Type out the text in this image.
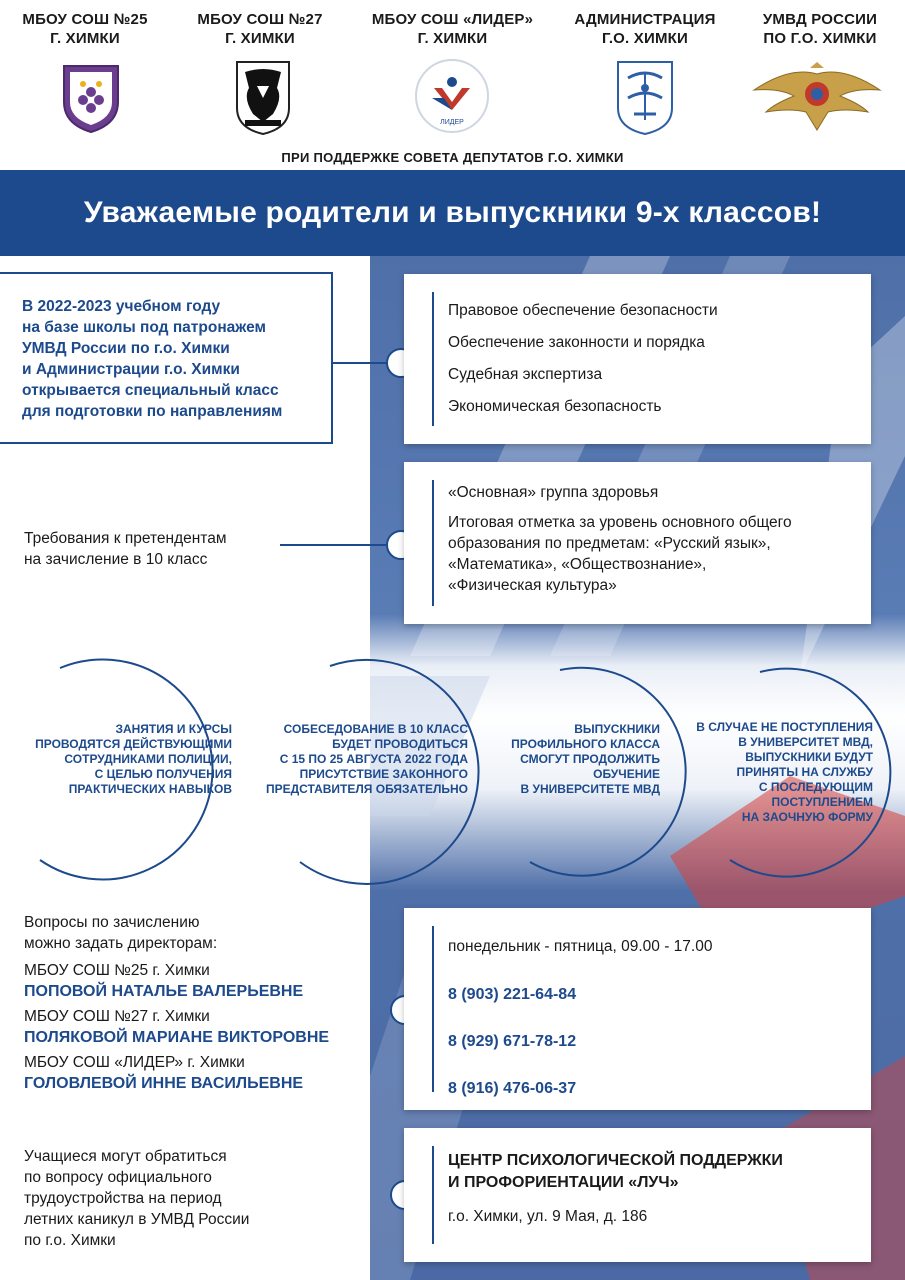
МБОУ СОШ №25
Г. ХИМКИ
МБОУ СОШ №27
Г. ХИМКИ
МБОУ СОШ «ЛИДЕР»
Г. ХИМКИ
АДМИНИСТРАЦИЯ
Г.О. ХИМКИ
УМВД РОССИИ
ПО Г.О. ХИМКИ
ЛИДЕР
ПРИ ПОДДЕРЖКЕ СОВЕТА ДЕПУТАТОВ Г.О. ХИМКИ
Уважаемые родители и выпускники 9-х классов!
В 2022-2023 учебном году
на базе школы под патронажем
УМВД России по г.о. Химки
и Администрации г.о. Химки
открывается специальный класс
для подготовки по направлениям
Правовое обеспечение безопасности
Обеспечение законности и порядка
Судебная экспертиза
Экономическая безопасность
Требования к претендентам
на зачисление в 10 класс
«Основная» группа здоровья
Итоговая отметка за уровень основного общего
образования по предметам: «Русский язык»,
«Математика», «Обществознание»,
«Физическая культура»
ЗАНЯТИЯ И КУРСЫ
ПРОВОДЯТСЯ ДЕЙСТВУЮЩИМИ
СОТРУДНИКАМИ ПОЛИЦИИ,
С ЦЕЛЬЮ ПОЛУЧЕНИЯ
ПРАКТИЧЕСКИХ НАВЫКОВ
СОБЕСЕДОВАНИЕ В 10 КЛАСС
БУДЕТ ПРОВОДИТЬСЯ
С 15 ПО 25 АВГУСТА 2022 ГОДА
ПРИСУТСТВИЕ ЗАКОННОГО
ПРЕДСТАВИТЕЛЯ ОБЯЗАТЕЛЬНО
ВЫПУСКНИКИ
ПРОФИЛЬНОГО КЛАССА
СМОГУТ ПРОДОЛЖИТЬ
ОБУЧЕНИЕ
В УНИВЕРСИТЕТЕ МВД
В СЛУЧАЕ НЕ ПОСТУПЛЕНИЯ
В УНИВЕРСИТЕТ МВД,
ВЫПУСКНИКИ БУДУТ
ПРИНЯТЫ НА СЛУЖБУ
С ПОСЛЕДУЮЩИМ
ПОСТУПЛЕНИЕМ
НА ЗАОЧНУЮ ФОРМУ
Вопросы по зачислению
можно задать директорам:
МБОУ СОШ №25 г. Химки
ПОПОВОЙ НАТАЛЬЕ ВАЛЕРЬЕВНЕ
МБОУ СОШ №27 г. Химки
ПОЛЯКОВОЙ МАРИАНЕ ВИКТОРОВНЕ
МБОУ СОШ «ЛИДЕР» г. Химки
ГОЛОВЛЕВОЙ ИННЕ ВАСИЛЬЕВНЕ
понедельник - пятница, 09.00 - 17.00
8 (903) 221-64-84
8 (929) 671-78-12
8 (916) 476-06-37
Учащиеся могут обратиться
по вопросу официального
трудоустройства на период
летних каникул в УМВД России
по г.о. Химки
ЦЕНТР ПСИХОЛОГИЧЕСКОЙ ПОДДЕРЖКИ
И ПРОФОРИЕНТАЦИИ «ЛУЧ»
г.о. Химки, ул. 9 Мая, д. 186
